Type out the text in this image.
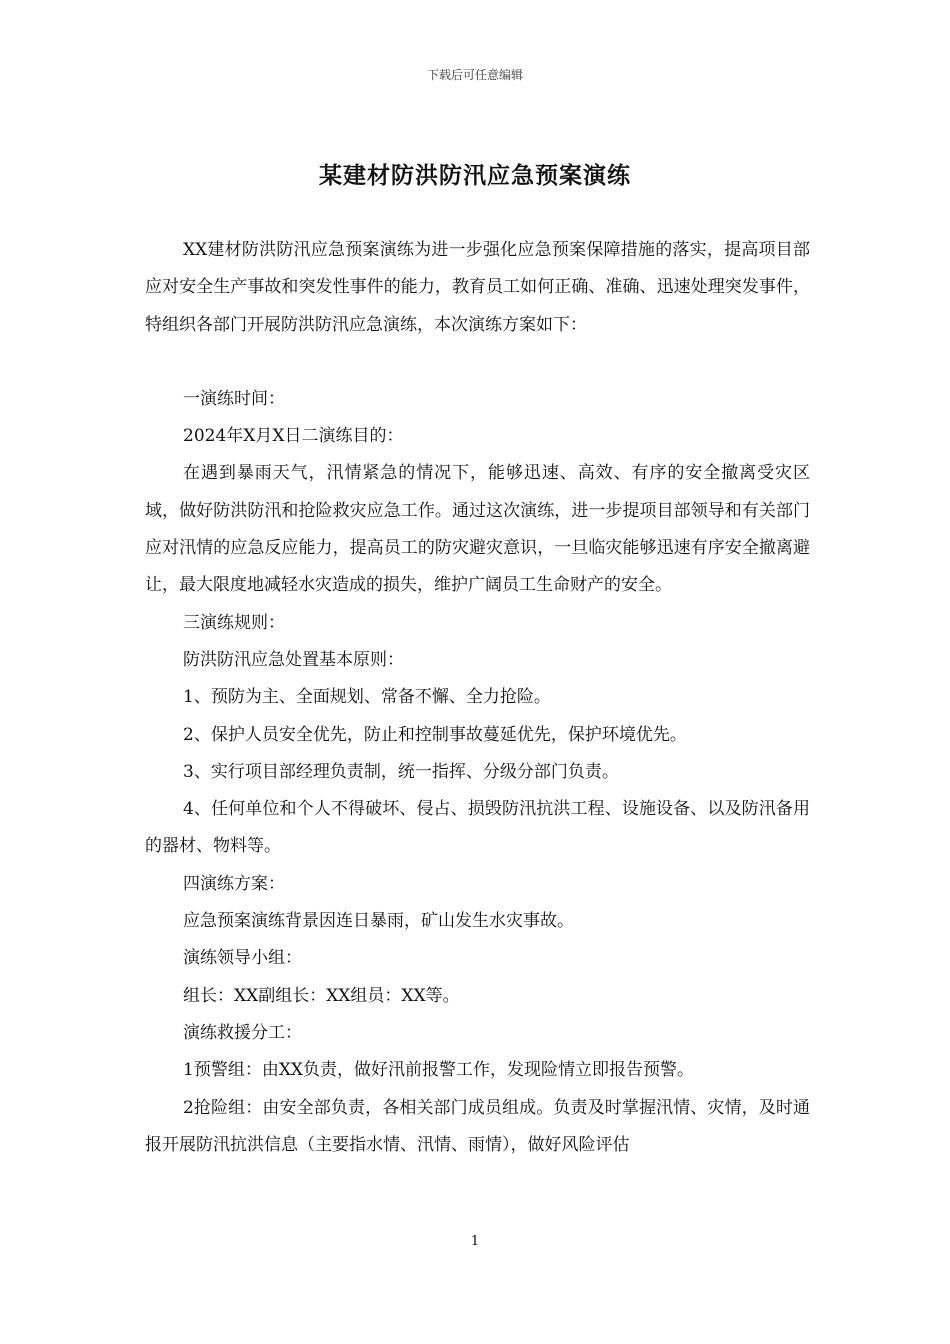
下载后可任意编辑
某建材防洪防汛应急预案演练

XX建材防洪防汛应急预案演练为进一步强化应急预案保障措施的落实，提高项目部应对安全生产事故和突发性事件的能力，教育员工如何正确、准确、迅速处理突发事件，特组织各部门开展防洪防汛应急演练，本次演练方案如下：

一演练时间：

2024年X月X日二演练目的：

在遇到暴雨天气，汛情紧急的情况下，能够迅速、高效、有序的安全撤离受灾区域，做好防洪防汛和抢险救灾应急工作。通过这次演练，进一步提项目部领导和有关部门应对汛情的应急反应能力，提高员工的防灾避灾意识，一旦临灾能够迅速有序安全撤离避让，最大限度地减轻水灾造成的损失，维护广阔员工生命财产的安全。

三演练规则：

防洪防汛应急处置基本原则：

1、预防为主、全面规划、常备不懈、全力抢险。

2、保护人员安全优先，防止和控制事故蔓延优先，保护环境优先。

3、实行项目部经理负责制，统一指挥、分级分部门负责。

4、任何单位和个人不得破坏、侵占、损毁防汛抗洪工程、设施设备、以及防汛备用的器材、物料等。

四演练方案：

应急预案演练背景因连日暴雨，矿山发生水灾事故。

演练领导小组：

组长：XX副组长：XX组员：XX等。

演练救援分工：

1预警组：由XX负责，做好汛前报警工作，发现险情立即报告预警。

2抢险组：由安全部负责，各相关部门成员组成。负责及时掌握汛情、灾情，及时通报开展防汛抗洪信息（主要指水情、汛情、雨情），做好风险评估

1
